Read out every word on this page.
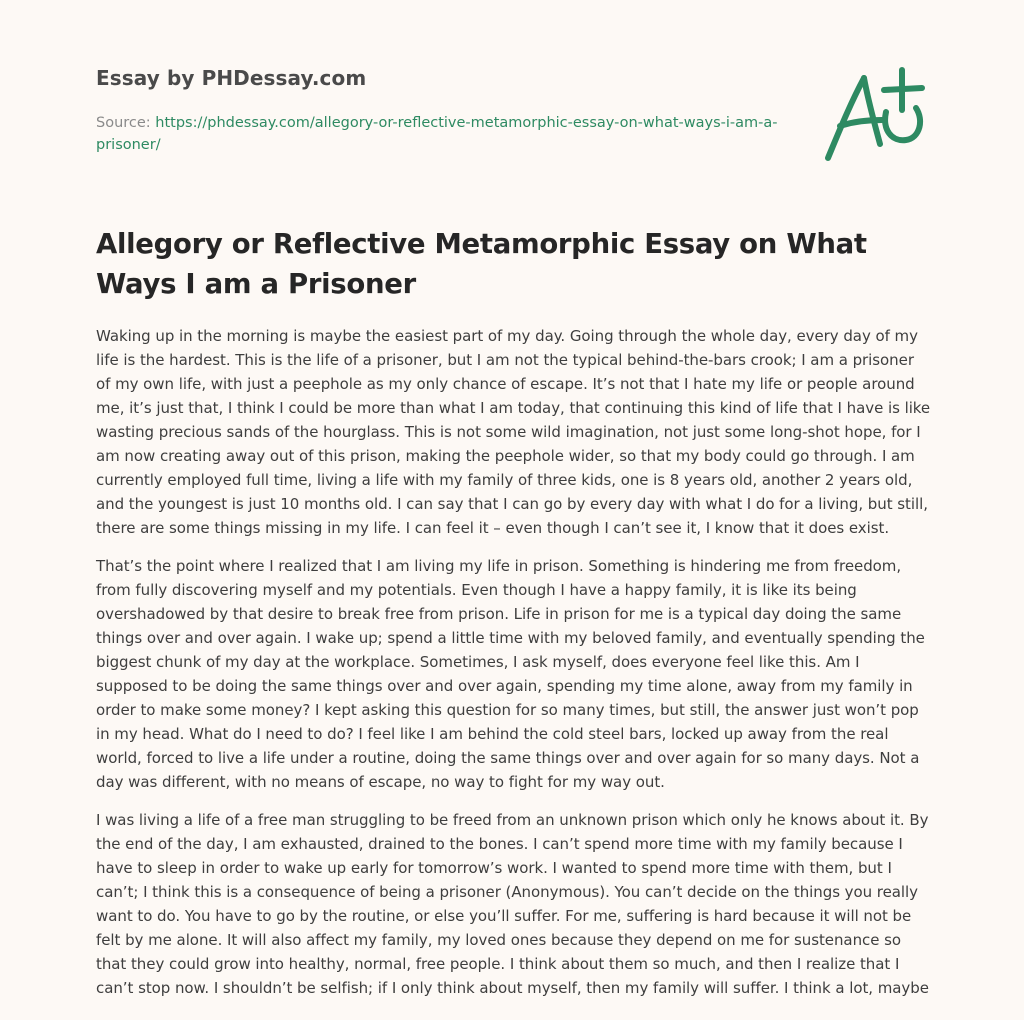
Essay by PHDessay.com
Source: https://phdessay.com/allegory-or-reflective-metamorphic-essay-on-what-ways-i-am-a-prisoner/
Allegory or Reflective Metamorphic Essay on What Ways I am a Prisoner

Waking up in the morning is maybe the easiest part of my day. Going through the whole day, every day of my life is the hardest. This is the life of a prisoner, but I am not the typical behind-the-bars crook; I am a prisoner of my own life, with just a peephole as my only chance of escape. It’s not that I hate my life or people around me, it’s just that, I think I could be more than what I am today, that continuing this kind of life that I have is like wasting precious sands of the hourglass. This is not some wild imagination, not just some long-shot hope, for I am now creating away out of this prison, making the peephole wider, so that my body could go through. I am currently employed full time, living a life with my family of three kids, one is 8 years old, another 2 years old, and the youngest is just 10 months old. I can say that I can go by every day with what I do for a living, but still, there are some things missing in my life. I can feel it – even though I can’t see it, I know that it does exist.

That’s the point where I realized that I am living my life in prison. Something is hindering me from freedom, from fully discovering myself and my potentials. Even though I have a happy family, it is like its being overshadowed by that desire to break free from prison. Life in prison for me is a typical day doing the same things over and over again. I wake up; spend a little time with my beloved family, and eventually spending the biggest chunk of my day at the workplace. Sometimes, I ask myself, does everyone feel like this. Am I supposed to be doing the same things over and over again, spending my time alone, away from my family in order to make some money? I kept asking this question for so many times, but still, the answer just won’t pop in my head. What do I need to do? I feel like I am behind the cold steel bars, locked up away from the real world, forced to live a life under a routine, doing the same things over and over again for so many days. Not a day was different, with no means of escape, no way to fight for my way out.

I was living a life of a free man struggling to be freed from an unknown prison which only he knows about it. By the end of the day, I am exhausted, drained to the bones. I can’t spend more time with my family because I have to sleep in order to wake up early for tomorrow’s work. I wanted to spend more time with them, but I can’t; I think this is a consequence of being a prisoner (Anonymous). You can’t decide on the things you really want to do. You have to go by the routine, or else you’ll suffer. For me, suffering is hard because it will not be felt by me alone. It will also affect my family, my loved ones because they depend on me for sustenance so that they could grow into healthy, normal, free people. I think about them so much, and then I realize that I can’t stop now. I shouldn’t be selfish; if I only think about myself, then my family will suffer. I think a lot, maybe
